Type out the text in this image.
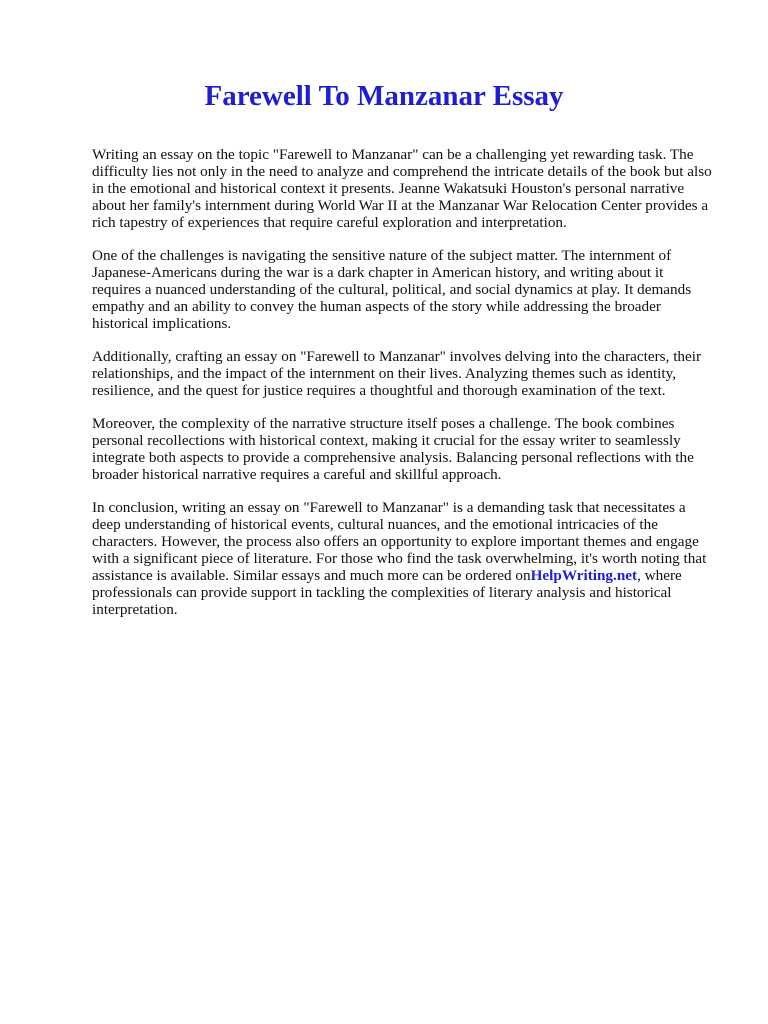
Farewell To Manzanar Essay

Writing an essay on the topic "Farewell to Manzanar" can be a challenging yet rewarding task. The difficulty lies not only in the need to analyze and comprehend the intricate details of the book but also in the emotional and historical context it presents. Jeanne Wakatsuki Houston's personal narrative about her family's internment during World War II at the Manzanar War Relocation Center provides a rich tapestry of experiences that require careful exploration and interpretation.

One of the challenges is navigating the sensitive nature of the subject matter. The internment of Japanese-Americans during the war is a dark chapter in American history, and writing about it requires a nuanced understanding of the cultural, political, and social dynamics at play. It demands empathy and an ability to convey the human aspects of the story while addressing the broader historical implications.

Additionally, crafting an essay on "Farewell to Manzanar" involves delving into the characters, their relationships, and the impact of the internment on their lives. Analyzing themes such as identity, resilience, and the quest for justice requires a thoughtful and thorough examination of the text.

Moreover, the complexity of the narrative structure itself poses a challenge. The book combines personal recollections with historical context, making it crucial for the essay writer to seamlessly integrate both aspects to provide a comprehensive analysis. Balancing personal reflections with the broader historical narrative requires a careful and skillful approach.

In conclusion, writing an essay on "Farewell to Manzanar" is a demanding task that necessitates a deep understanding of historical events, cultural nuances, and the emotional intricacies of the characters. However, the process also offers an opportunity to explore important themes and engage with a significant piece of literature. For those who find the task overwhelming, it's worth noting that assistance is available. Similar essays and much more can be ordered onHelpWriting.net, where professionals can provide support in tackling the complexities of literary analysis and historical interpretation.
